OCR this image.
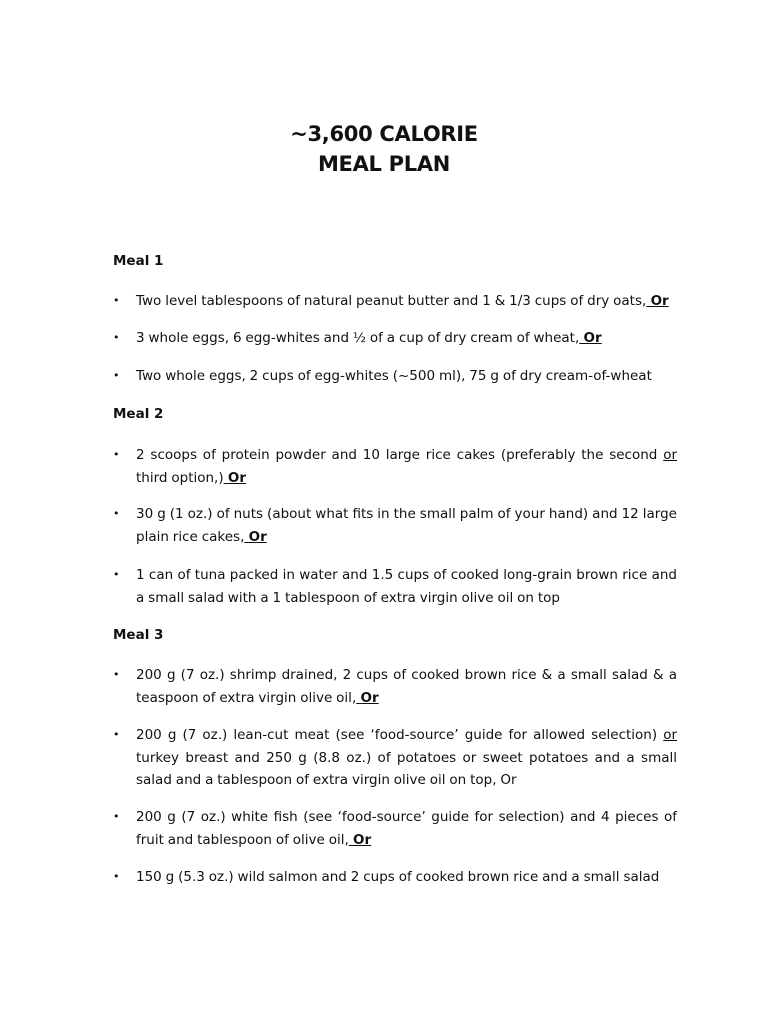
~3,600 CALORIE
MEAL PLAN
Meal 1
• Two level tablespoons of natural peanut butter and 1 & 1/3 cups of dry oats, Or
• 3 whole eggs, 6 egg-whites and ½ of a cup of dry cream of wheat, Or
• Two whole eggs, 2 cups of egg-whites (~500 ml), 75 g of dry cream-of-wheat
Meal 2
• 2 scoops of protein powder and 10 large rice cakes (preferably the second or third option,) Or
• 30 g (1 oz.) of nuts (about what fits in the small palm of your hand) and 12 large plain rice cakes, Or
• 1 can of tuna packed in water and 1.5 cups of cooked long-grain brown rice and a small salad with a 1 tablespoon of extra virgin olive oil on top
Meal 3
• 200 g (7 oz.) shrimp drained, 2 cups of cooked brown rice & a small salad & a teaspoon of extra virgin olive oil, Or
• 200 g (7 oz.) lean-cut meat (see ‘food-source’ guide for allowed selection) or turkey breast and 250 g (8.8 oz.) of potatoes or sweet potatoes and a small salad and a tablespoon of extra virgin olive oil on top, Or
• 200 g (7 oz.) white fish (see ‘food-source’ guide for selection) and 4 pieces of fruit and tablespoon of olive oil, Or
• 150 g (5.3 oz.) wild salmon and 2 cups of cooked brown rice and a small salad
